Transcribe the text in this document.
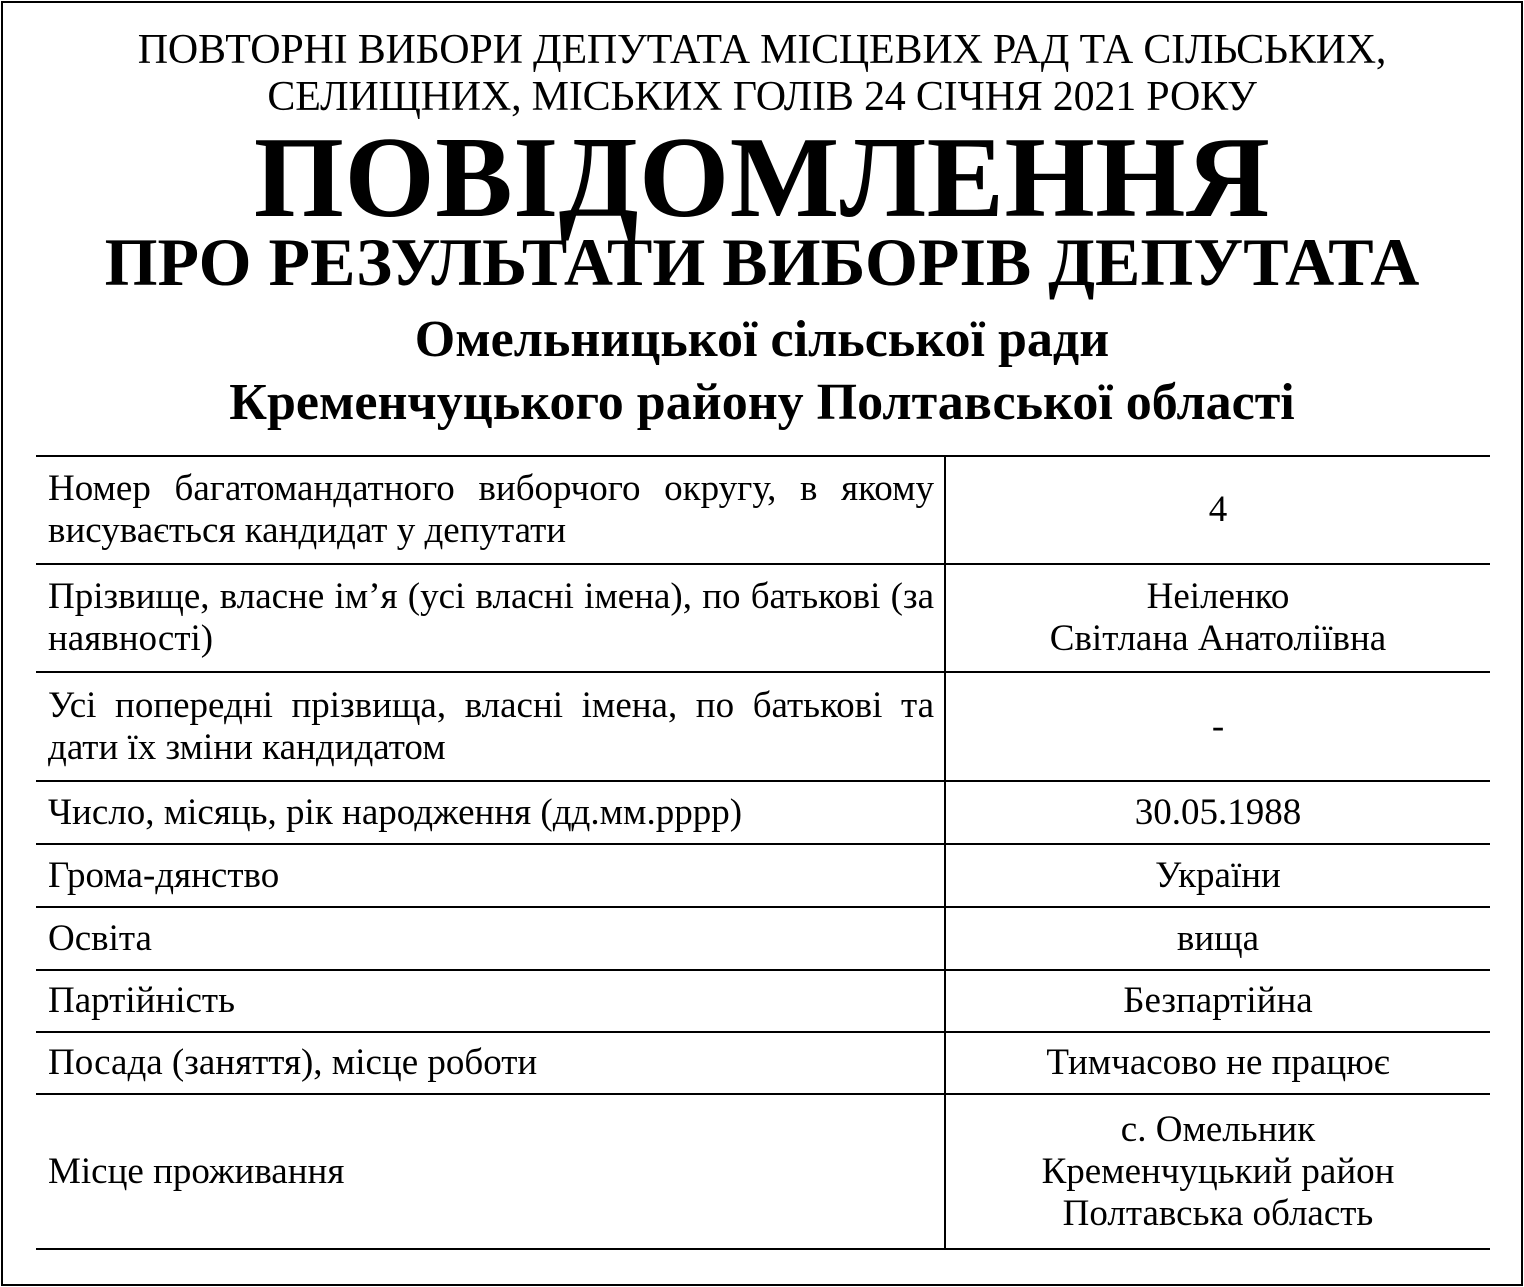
ПОВТОРНІ ВИБОРИ ДЕПУТАТА МІСЦЕВИХ РАД ТА СІЛЬСЬКИХ,
СЕЛИЩНИХ, МІСЬКИХ ГОЛІВ 24 СІЧНЯ 2021 РОКУ
ПОВІДОМЛЕННЯ
ПРО РЕЗУЛЬТАТИ ВИБОРІВ ДЕПУТАТА
Омельницької сільської ради
Кременчуцького району Полтавської області
Номер багатомандатного виборчого округу, в якому висувається кандидат у депутати	4

Прізвище, власне ім’я (усі власні імена), по батькові (за наявності)	Неіленко
Світлана Анатоліївна

Усі попередні прізвища, власні імена, по батькові та дати їх зміни кандидатом	-

Число, місяць, рік народження (дд.мм.рррр)	30.05.1988

Грома-дянство	України

Освіта	вища

Партійність	Безпартійна

Посада (заняття), місце роботи	Тимчасово не працює

Місце проживання	с. Омельник
Кременчуцький район
Полтавська область
